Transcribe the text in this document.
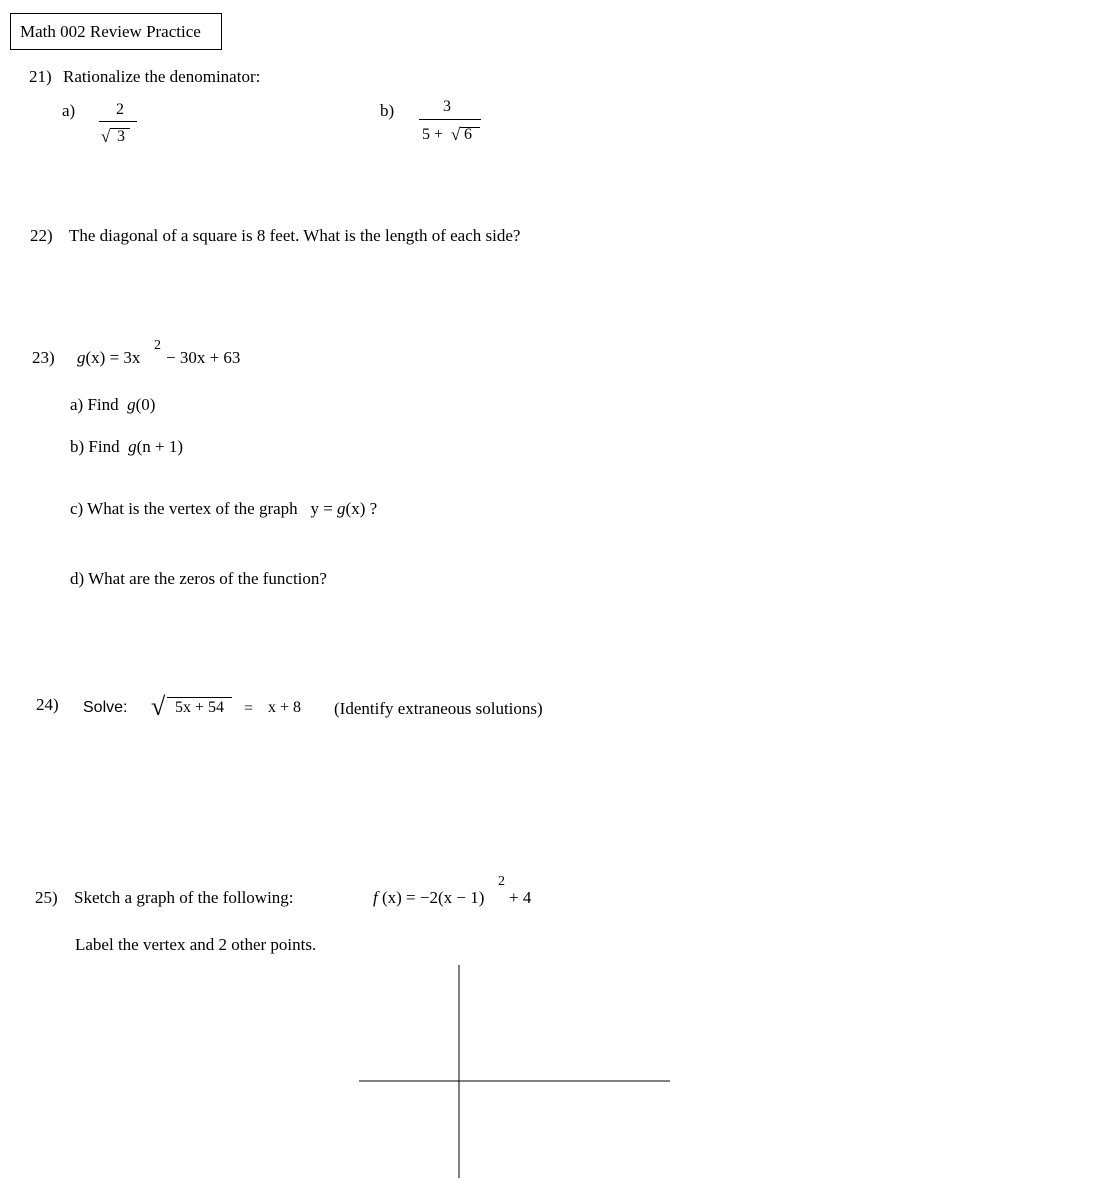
Math 002 Review Practice
21) Rationalize the denominator:
a)	2
√ 3
b)	3
5 + √ 6
22) The diagonal of a square is 8 feet. What is the length of each side?
23) g(x) = 3x
2
− 30x + 63
a) Find g(0)
b) Find g(n + 1)
c) What is the vertex of the graph y = g(x) ?
d) What are the zeros of the function?
24) Solve: √ 5x + 54 = x + 8 (Identify extraneous solutions)
25) Sketch a graph of the following:	f (x) = −2(x − 1)
2
+ 4
Label the vertex and 2 other points.
